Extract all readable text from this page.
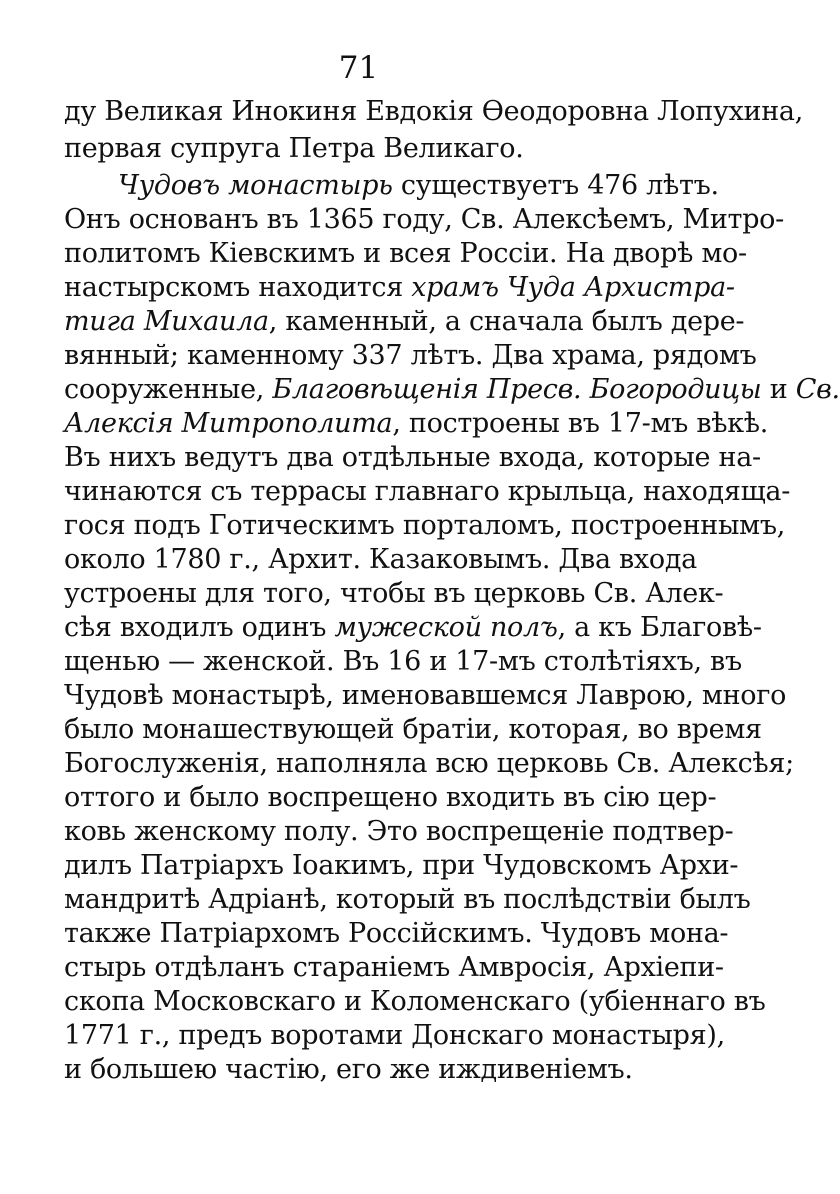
71

ду Великая Инокиня Евдокія Ѳеодоровна Лопухина,

первая супруга Петра Великаго.

Чудовъ монастырь существуетъ 476 лѣтъ.

Онъ основанъ въ 1365 году, Св. Алексѣемъ, Митро-

политомъ Кіевскимъ и всея Россіи. На дворѣ мо-

настырскомъ находится храмъ Чуда Архистра-

тига Михаила, каменный, а сначала былъ дере-

вянный; каменному 337 лѣтъ. Два храма, рядомъ

сооруженные, Благовѣщенія Пресв. Богородицы и Св.

Алексія Митрополита, построены въ 17-мъ вѣкѣ.

Въ нихъ ведутъ два отдѣльные входа, которые на-

чинаются съ террасы главнаго крыльца, находяща-

гося подъ Готическимъ порталомъ, построеннымъ,

около 1780 г., Архит. Казаковымъ. Два входа

устроены для того, чтобы въ церковь Св. Алек-

сѣя входилъ одинъ мужеской полъ, а къ Благовѣ-

щенью — женской. Въ 16 и 17-мъ столѣтіяхъ, въ

Чудовѣ монастырѣ, именовавшемся Лаврою, много

было монашествующей братіи, которая, во время

Богослуженія, наполняла всю церковь Св. Алексѣя;

оттого и было воспрещено входить въ сію цер-

ковь женскому полу. Это воспрещеніе подтвер-

дилъ Патріархъ Іоакимъ, при Чудовскомъ Архи-

мандритѣ Адріанѣ, который въ послѣдствіи былъ

также Патріархомъ Россійскимъ. Чудовъ мона-

стырь отдѣланъ стараніемъ Амвросія, Архіепи-

скопа Московскаго и Коломенскаго (убіеннаго въ

1771 г., предъ воротами Донскаго монастыря),

и большею частію, его же иждивеніемъ.
